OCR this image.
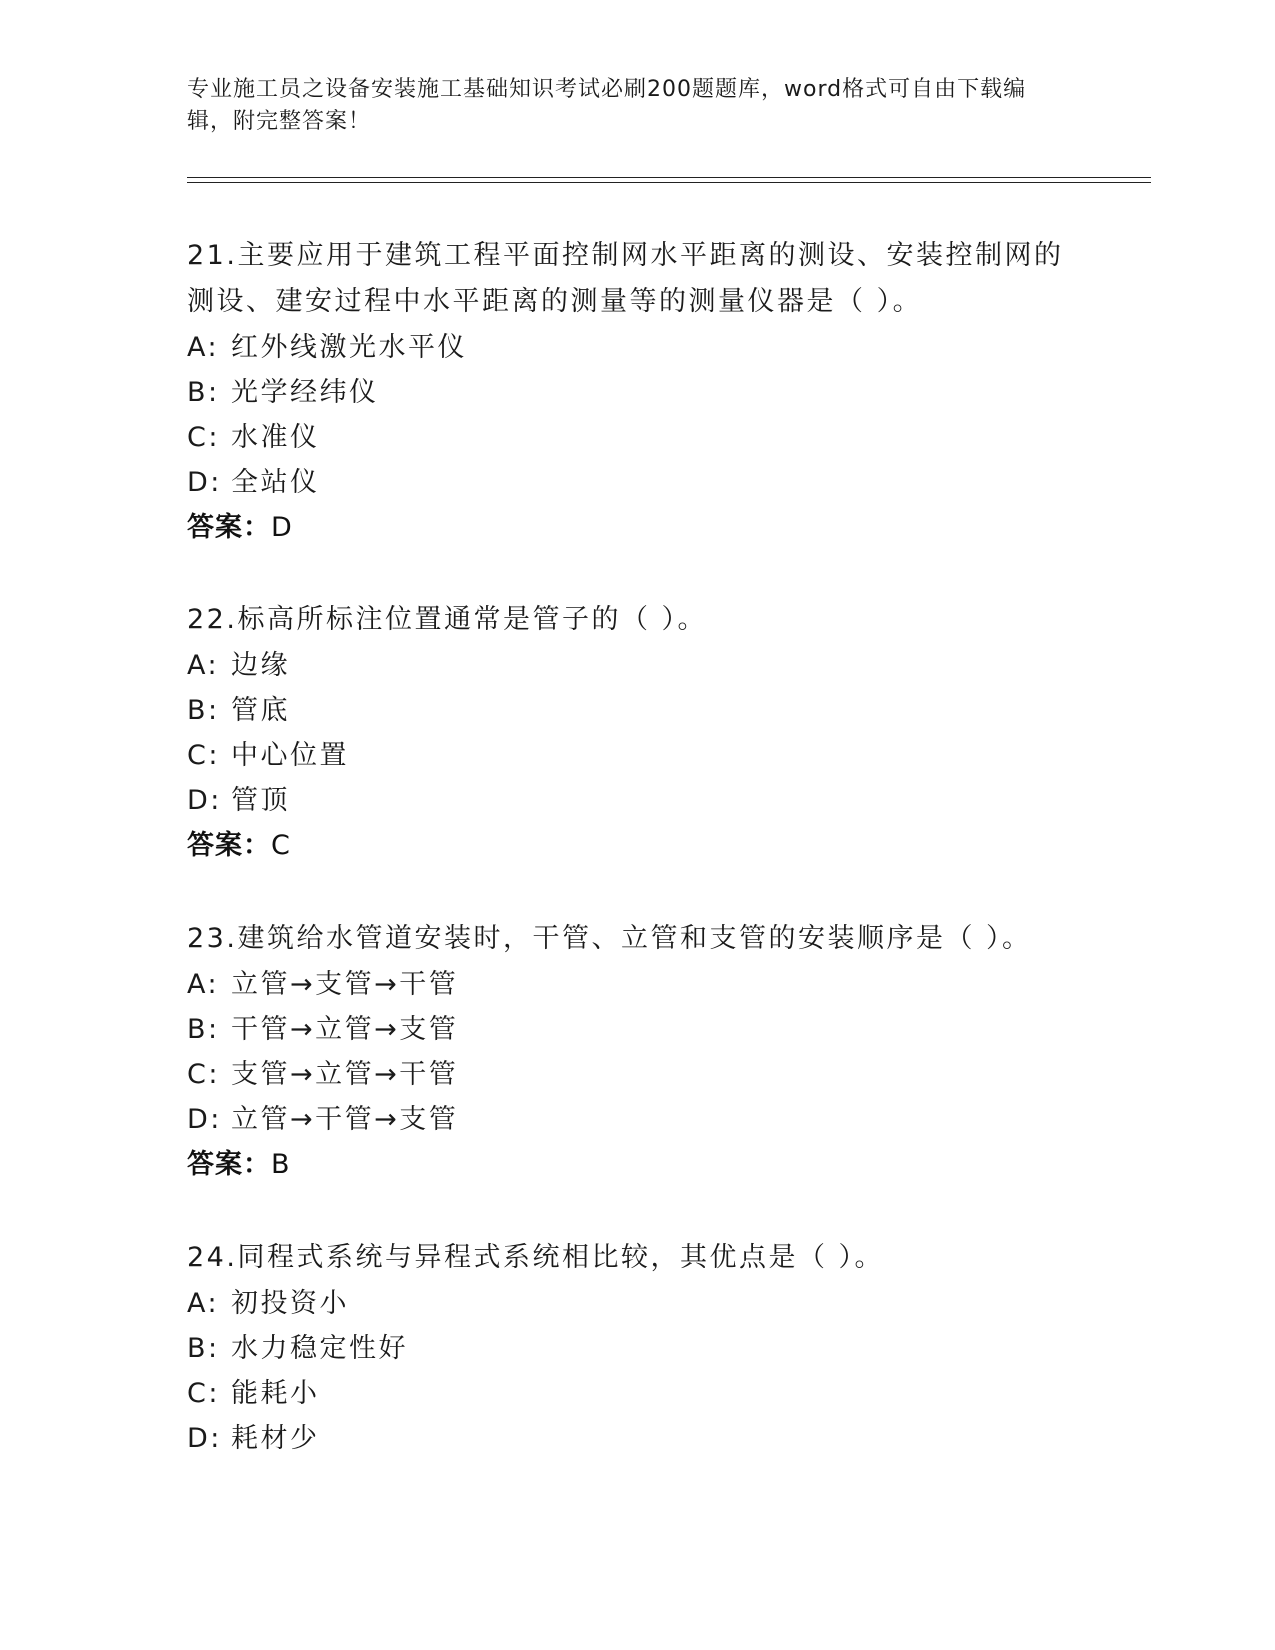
专业施工员之设备安装施工基础知识考试必刷200题题库，word格式可自由下载编辑，附完整答案！

21.主要应用于建筑工程平面控制网水平距离的测设、安装控制网的测设、建安过程中水平距离的测量等的测量仪器是（ ）。

A: 红外线激光水平仪
B: 光学经纬仪
C: 水准仪
D: 全站仪
答案：D

22.标高所标注位置通常是管子的（ ）。

A: 边缘
B: 管底
C: 中心位置
D: 管顶
答案：C

23.建筑给水管道安装时，干管、立管和支管的安装顺序是（ ）。

A: 立管→支管→干管
B: 干管→立管→支管
C: 支管→立管→干管
D: 立管→干管→支管
答案：B

24.同程式系统与异程式系统相比较，其优点是（ ）。

A: 初投资小
B: 水力稳定性好
C: 能耗小
D: 耗材少
